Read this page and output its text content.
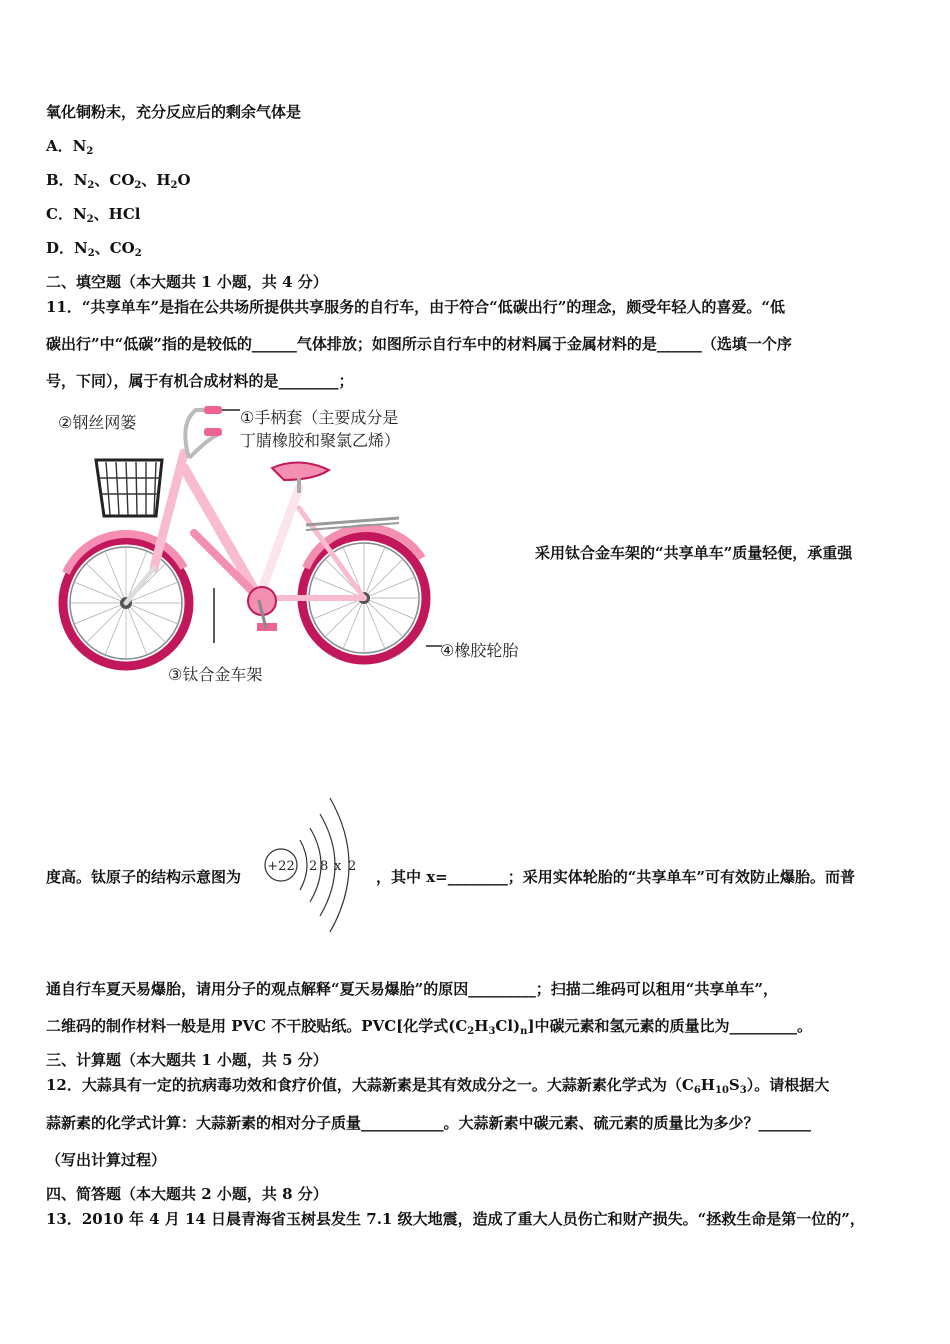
氧化铜粉末，充分反应后的剩余气体是
A．$N_2$
B．$N_2$、$CO_2$、$H_2O$
C．$N_2$、HCl
D．$N_2$、$CO_2$
二、填空题（本大题共 1 小题，共 4 分）
11．“共享单车”是指在公共场所提供共享服务的自行车，由于符合“低碳出行”的理念，颇受年轻人的喜爱。“低
碳出行”中“低碳”指的是较低的______气体排放；如图所示自行车中的材料属于金属材料的是______（选填一个序
号，下同），属于有机合成材料的是________；
②钢丝网篓	①手柄套（主要成分是
丁腈橡胶和聚氯乙烯）
③钛合金车架
④橡胶轮胎
采用钛合金车架的“共享单车”质量轻便，承重强
度高。钛原子的结构示意图为
+22 2 8 x 2
，其中 x=________；采用实体轮胎的“共享单车”可有效防止爆胎。而普
通自行车夏天易爆胎，请用分子的观点解释“夏天易爆胎”的原因_________；扫描二维码可以租用“共享单车”，
二维码的制作材料一般是用 PVC 不干胶贴纸。PVC[化学式$(C_2H_3Cl)_n$]中碳元素和氢元素的质量比为_________。
三、计算题（本大题共 1 小题，共 5 分）
12．大蒜具有一定的抗病毒功效和食疗价值，大蒜新素是其有效成分之一。大蒜新素化学式为$(C_6H_{10}S_3)$。请根据大
蒜新素的化学式计算：大蒜新素的相对分子质量___________。大蒜新素中碳元素、硫元素的质量比为多少？_______
（写出计算过程）
四、简答题（本大题共 2 小题，共 8 分）
13．2010 年 4 月 14 日晨青海省玉树县发生 7.1 级大地震，造成了重大人员伤亡和财产损失。“拯救生命是第一位的”，
